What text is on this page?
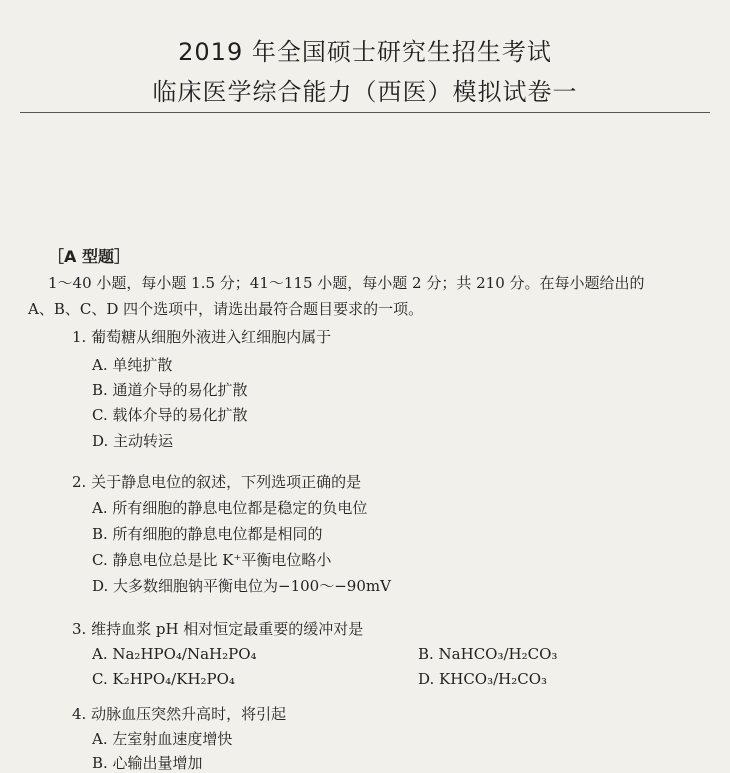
2019 年全国硕士研究生招生考试
临床医学综合能力（西医）模拟试卷一
［A 型题］
1～40 小题，每小题 1.5 分；41～115 小题，每小题 2 分；共 210 分。在每小题给出的
A、B、C、D 四个选项中，请选出最符合题目要求的一项。
1. 葡萄糖从细胞外液进入红细胞内属于
A. 单纯扩散
B. 通道介导的易化扩散
C. 载体介导的易化扩散
D. 主动转运
2. 关于静息电位的叙述，下列选项正确的是
A. 所有细胞的静息电位都是稳定的负电位
B. 所有细胞的静息电位都是相同的
C. 静息电位总是比 K⁺平衡电位略小
D. 大多数细胞钠平衡电位为−100～−90mV
3. 维持血浆 pH 相对恒定最重要的缓冲对是
A. Na₂HPO₄/NaH₂PO₄	B. NaHCO₃/H₂CO₃
C. K₂HPO₄/KH₂PO₄	D. KHCO₃/H₂CO₃
4. 动脉血压突然升高时，将引起
A. 左室射血速度增快
B. 心输出量增加
